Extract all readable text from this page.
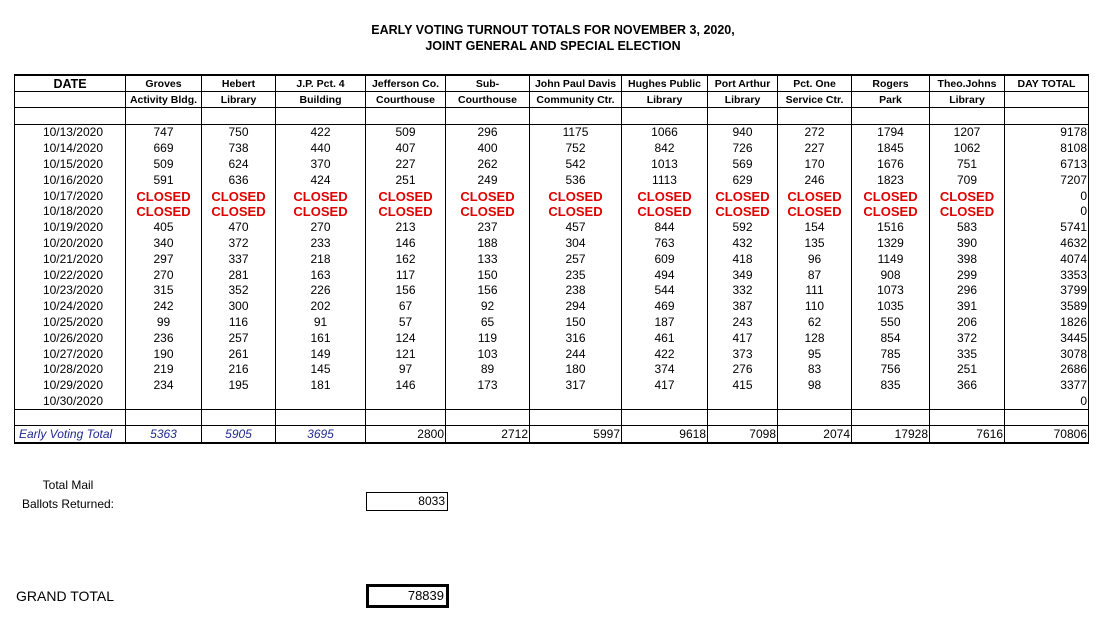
EARLY VOTING TURNOUT TOTALS FOR NOVEMBER 3, 2020,
JOINT GENERAL AND SPECIAL ELECTION
DATE	Groves	Hebert	J.P. Pct. 4	Jefferson Co.	Sub-	John Paul Davis	Hughes Public	Port Arthur	Pct. One	Rogers	Theo.Johns	DAY TOTAL
	Activity Bldg.	Library	Building	Courthouse	Courthouse	Community Ctr.	Library	Library	Service Ctr.	Park	Library	

10/13/2020	747	750	422	509	296	1175	1066	940	272	1794	1207	9178
10/14/2020	669	738	440	407	400	752	842	726	227	1845	1062	8108
10/15/2020	509	624	370	227	262	542	1013	569	170	1676	751	6713
10/16/2020	591	636	424	251	249	536	1113	629	246	1823	709	7207
10/17/2020	CLOSED	CLOSED	CLOSED	CLOSED	CLOSED	CLOSED	CLOSED	CLOSED	CLOSED	CLOSED	CLOSED	0
10/18/2020	CLOSED	CLOSED	CLOSED	CLOSED	CLOSED	CLOSED	CLOSED	CLOSED	CLOSED	CLOSED	CLOSED	0
10/19/2020	405	470	270	213	237	457	844	592	154	1516	583	5741
10/20/2020	340	372	233	146	188	304	763	432	135	1329	390	4632
10/21/2020	297	337	218	162	133	257	609	418	96	1149	398	4074
10/22/2020	270	281	163	117	150	235	494	349	87	908	299	3353
10/23/2020	315	352	226	156	156	238	544	332	111	1073	296	3799
10/24/2020	242	300	202	67	92	294	469	387	110	1035	391	3589
10/25/2020	99	116	91	57	65	150	187	243	62	550	206	1826
10/26/2020	236	257	161	124	119	316	461	417	128	854	372	3445
10/27/2020	190	261	149	121	103	244	422	373	95	785	335	3078
10/28/2020	219	216	145	97	89	180	374	276	83	756	251	2686
10/29/2020	234	195	181	146	173	317	417	415	98	835	366	3377
10/30/2020												0

Early Voting Total	5363	5905	3695	2800	2712	5997	9618	7098	2074	17928	7616	70806
Total Mail
Ballots Returned:	8033
GRAND TOTAL	78839
